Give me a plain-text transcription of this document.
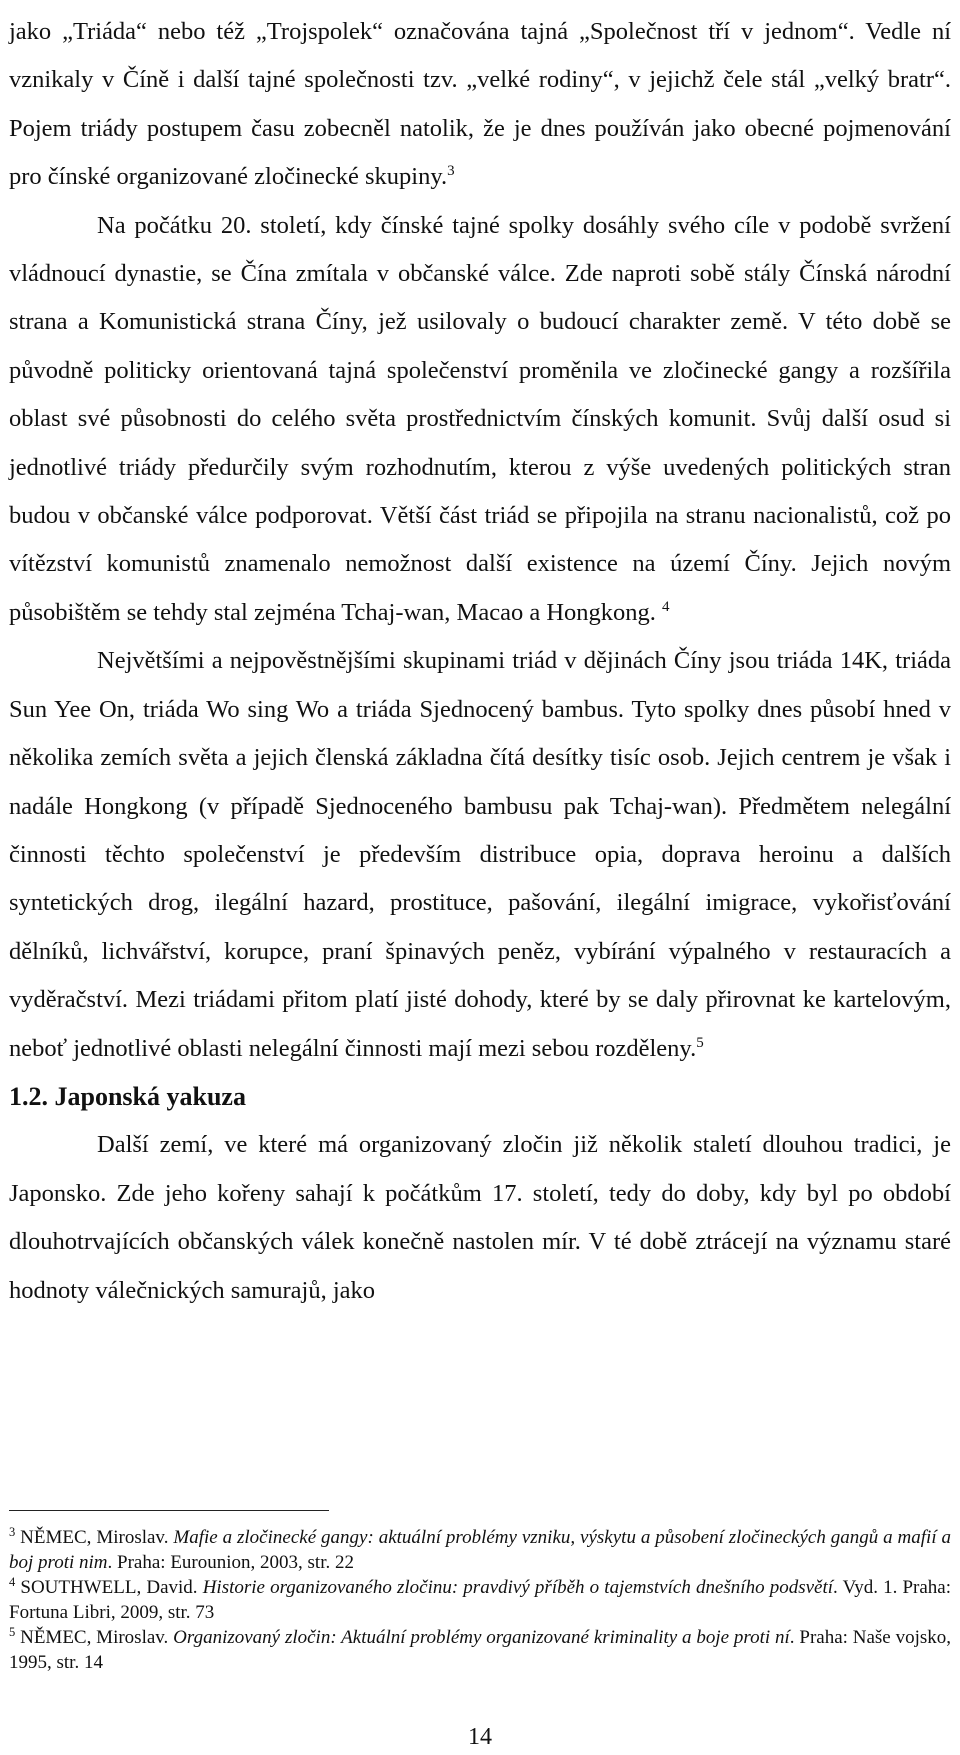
jako „Triáda“ nebo též „Trojspolek“ označována tajná „Společnost tří v jednom“. Vedle ní vznikaly v Číně i další tajné společnosti tzv. „velké rodiny“, v jejichž čele stál „velký bratr“. Pojem triády postupem času zobecněl natolik, že je dnes používán jako obecné pojmenování pro čínské organizované zločinecké skupiny.$^3$

Na počátku 20. století, kdy čínské tajné spolky dosáhly svého cíle v podobě svržení vládnoucí dynastie, se Čína zmítala v občanské válce. Zde naproti sobě stály Čínská národní strana a Komunistická strana Číny, jež usilovaly o budoucí charakter země. V této době se původně politicky orientovaná tajná společenství proměnila ve zločinecké gangy a rozšířila oblast své působnosti do celého světa prostřednictvím čínských komunit. Svůj další osud si jednotlivé triády předurčily svým rozhodnutím, kterou z výše uvedených politických stran budou v občanské válce podporovat. Větší část triád se připojila na stranu nacionalistů, což po vítězství komunistů znamenalo nemožnost další existence na území Číny. Jejich novým působištěm se tehdy stal zejména Tchaj-wan, Macao a Hongkong. $^4$

Největšími a nejpověstnějšími skupinami triád v dějinách Číny jsou triáda 14K, triáda Sun Yee On, triáda Wo sing Wo a triáda Sjednocený bambus. Tyto spolky dnes působí hned v několika zemích světa a jejich členská základna čítá desítky tisíc osob. Jejich centrem je však i nadále Hongkong (v případě Sjednoceného bambusu pak Tchaj-wan). Předmětem nelegální činnosti těchto společenství je především distribuce opia, doprava heroinu a dalších syntetických drog, ilegální hazard, prostituce, pašování, ilegální imigrace, vykořisťování dělníků, lichvářství, korupce, praní špinavých peněz, vybírání výpalného v restauracích a vyděračství. Mezi triádami přitom platí jisté dohody, které by se daly přirovnat ke kartelovým, neboť jednotlivé oblasti nelegální činnosti mají mezi sebou rozděleny.$^5$

1.2. Japonská yakuza

Další zemí, ve které má organizovaný zločin již několik staletí dlouhou tradici, je Japonsko. Zde jeho kořeny sahají k počátkům 17. století, tedy do doby, kdy byl po období dlouhotrvajících občanských válek konečně nastolen mír. V té době ztrácejí na významu staré hodnoty válečnických samurajů, jako

$^3$ NĚMEC, Miroslav. Mafie a zločinecké gangy: aktuální problémy vzniku, výskytu a působení zločineckých gangů a mafií a boj proti nim. Praha: Eurounion, 2003, str. 22

$^4$ SOUTHWELL, David. Historie organizovaného zločinu: pravdivý příběh o tajemstvích dnešního podsvětí. Vyd. 1. Praha: Fortuna Libri, 2009, str. 73

$^5$ NĚMEC, Miroslav. Organizovaný zločin: Aktuální problémy organizované kriminality a boje proti ní. Praha: Naše vojsko, 1995, str. 14

14
